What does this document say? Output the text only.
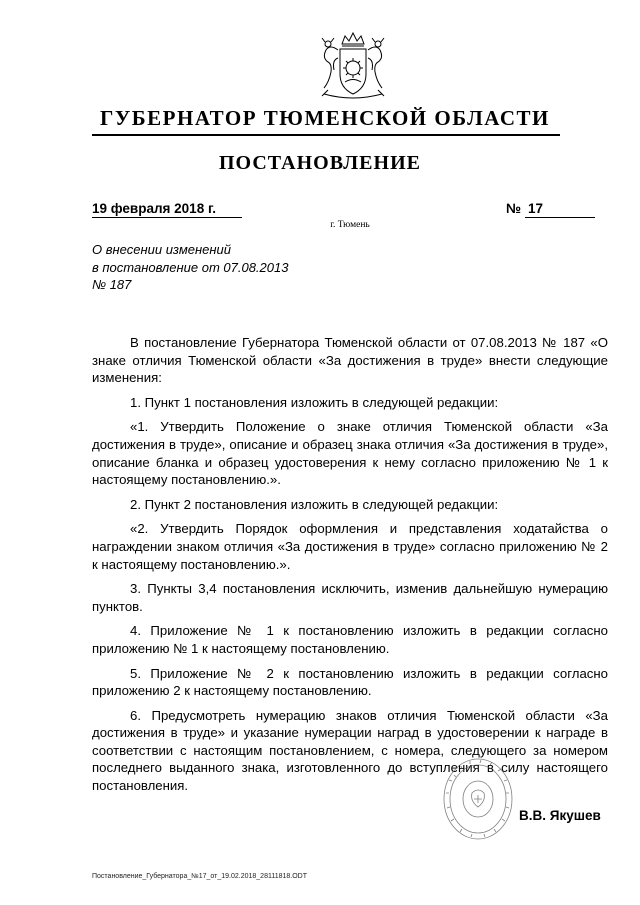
ГУБЕРНАТОР ТЮМЕНСКОЙ ОБЛАСТИ
ПОСТАНОВЛЕНИЕ
19 февраля 2018 г.	№ 17
г. Тюмень
О внесении изменений
в постановление от 07.08.2013
№ 187

В постановление Губернатора Тюменской области от 07.08.2013 № 187 «О знаке отличия Тюменской области «За достижения в труде» внести следующие изменения:

1. Пункт 1 постановления изложить в следующей редакции:

«1. Утвердить Положение о знаке отличия Тюменской области «За достижения в труде», описание и образец знака отличия «За достижения в труде», описание бланка и образец удостоверения к нему согласно приложению № 1 к настоящему постановлению.».

2. Пункт 2 постановления изложить в следующей редакции:

«2. Утвердить Порядок оформления и представления ходатайства о награждении знаком отличия «За достижения в труде» согласно приложению № 2 к настоящему постановлению.».

3. Пункты 3,4 постановления исключить, изменив дальнейшую нумерацию пунктов.

4. Приложение № 1 к постановлению изложить в редакции согласно приложению № 1 к настоящему постановлению.

5. Приложение № 2 к постановлению изложить в редакции согласно приложению 2 к настоящему постановлению.

6. Предусмотреть нумерацию знаков отличия Тюменской области «За достижения в труде» и указание нумерации наград в удостоверении к награде в соответствии с настоящим постановлением, с номера, следующего за номером последнего выданного знака, изготовленного до вступления в силу настоящего постановления.

В.В. Якушев
Постановление_Губернатора_№17_от_19.02.2018_28111818.ODT
